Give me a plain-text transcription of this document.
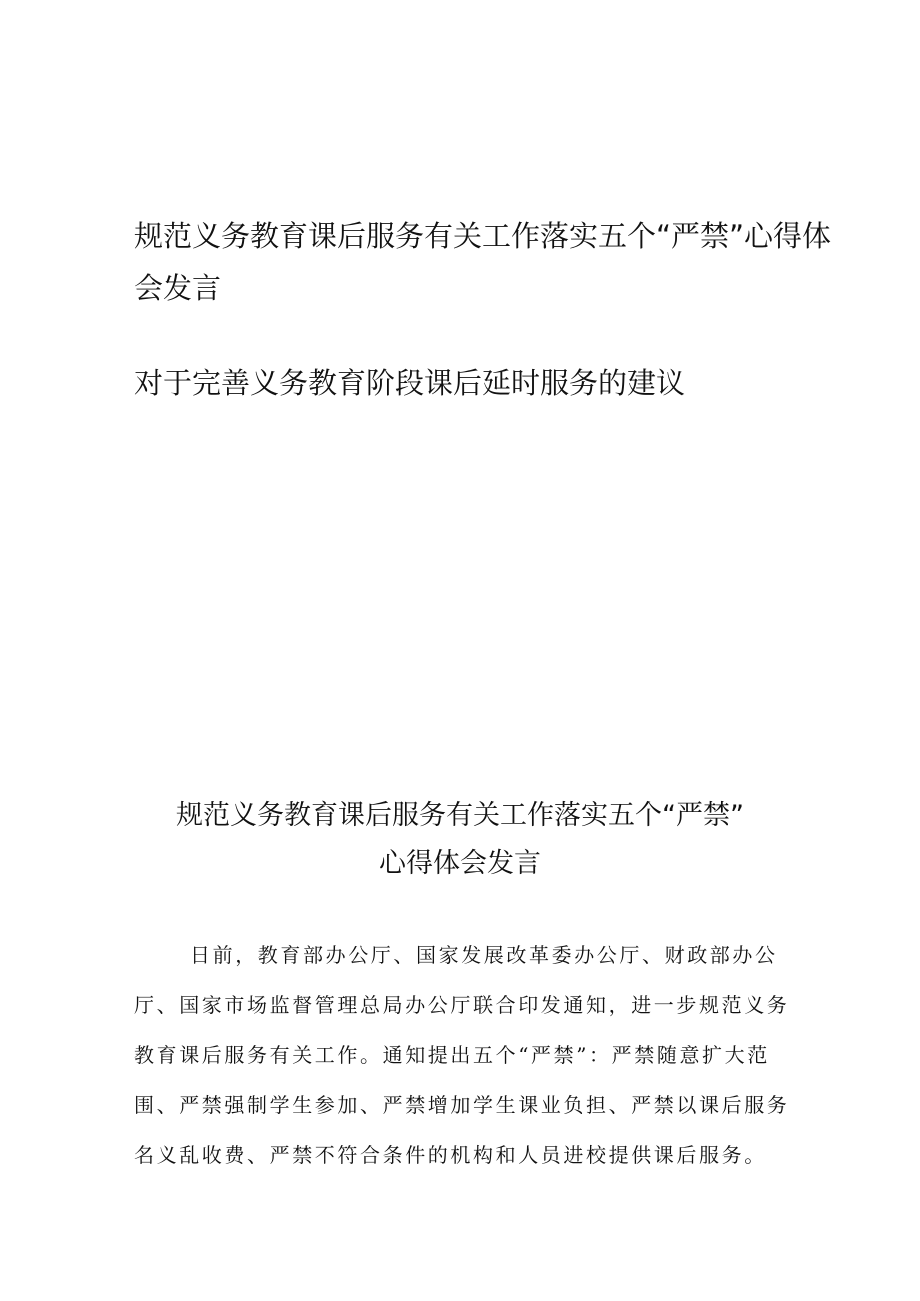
规范义务教育课后服务有关工作落实五个“严禁”心得体
会发言
对于完善义务教育阶段课后延时服务的建议
规范义务教育课后服务有关工作落实五个“严禁”
心得体会发言

日前，教育部办公厅、国家发展改革委办公厅、财政部办公

厅、国家市场监督管理总局办公厅联合印发通知，进一步规范义务

教育课后服务有关工作。通知提出五个“严禁”：严禁随意扩大范

围、严禁强制学生参加、严禁增加学生课业负担、严禁以课后服务

名义乱收费、严禁不符合条件的机构和人员进校提供课后服务。
